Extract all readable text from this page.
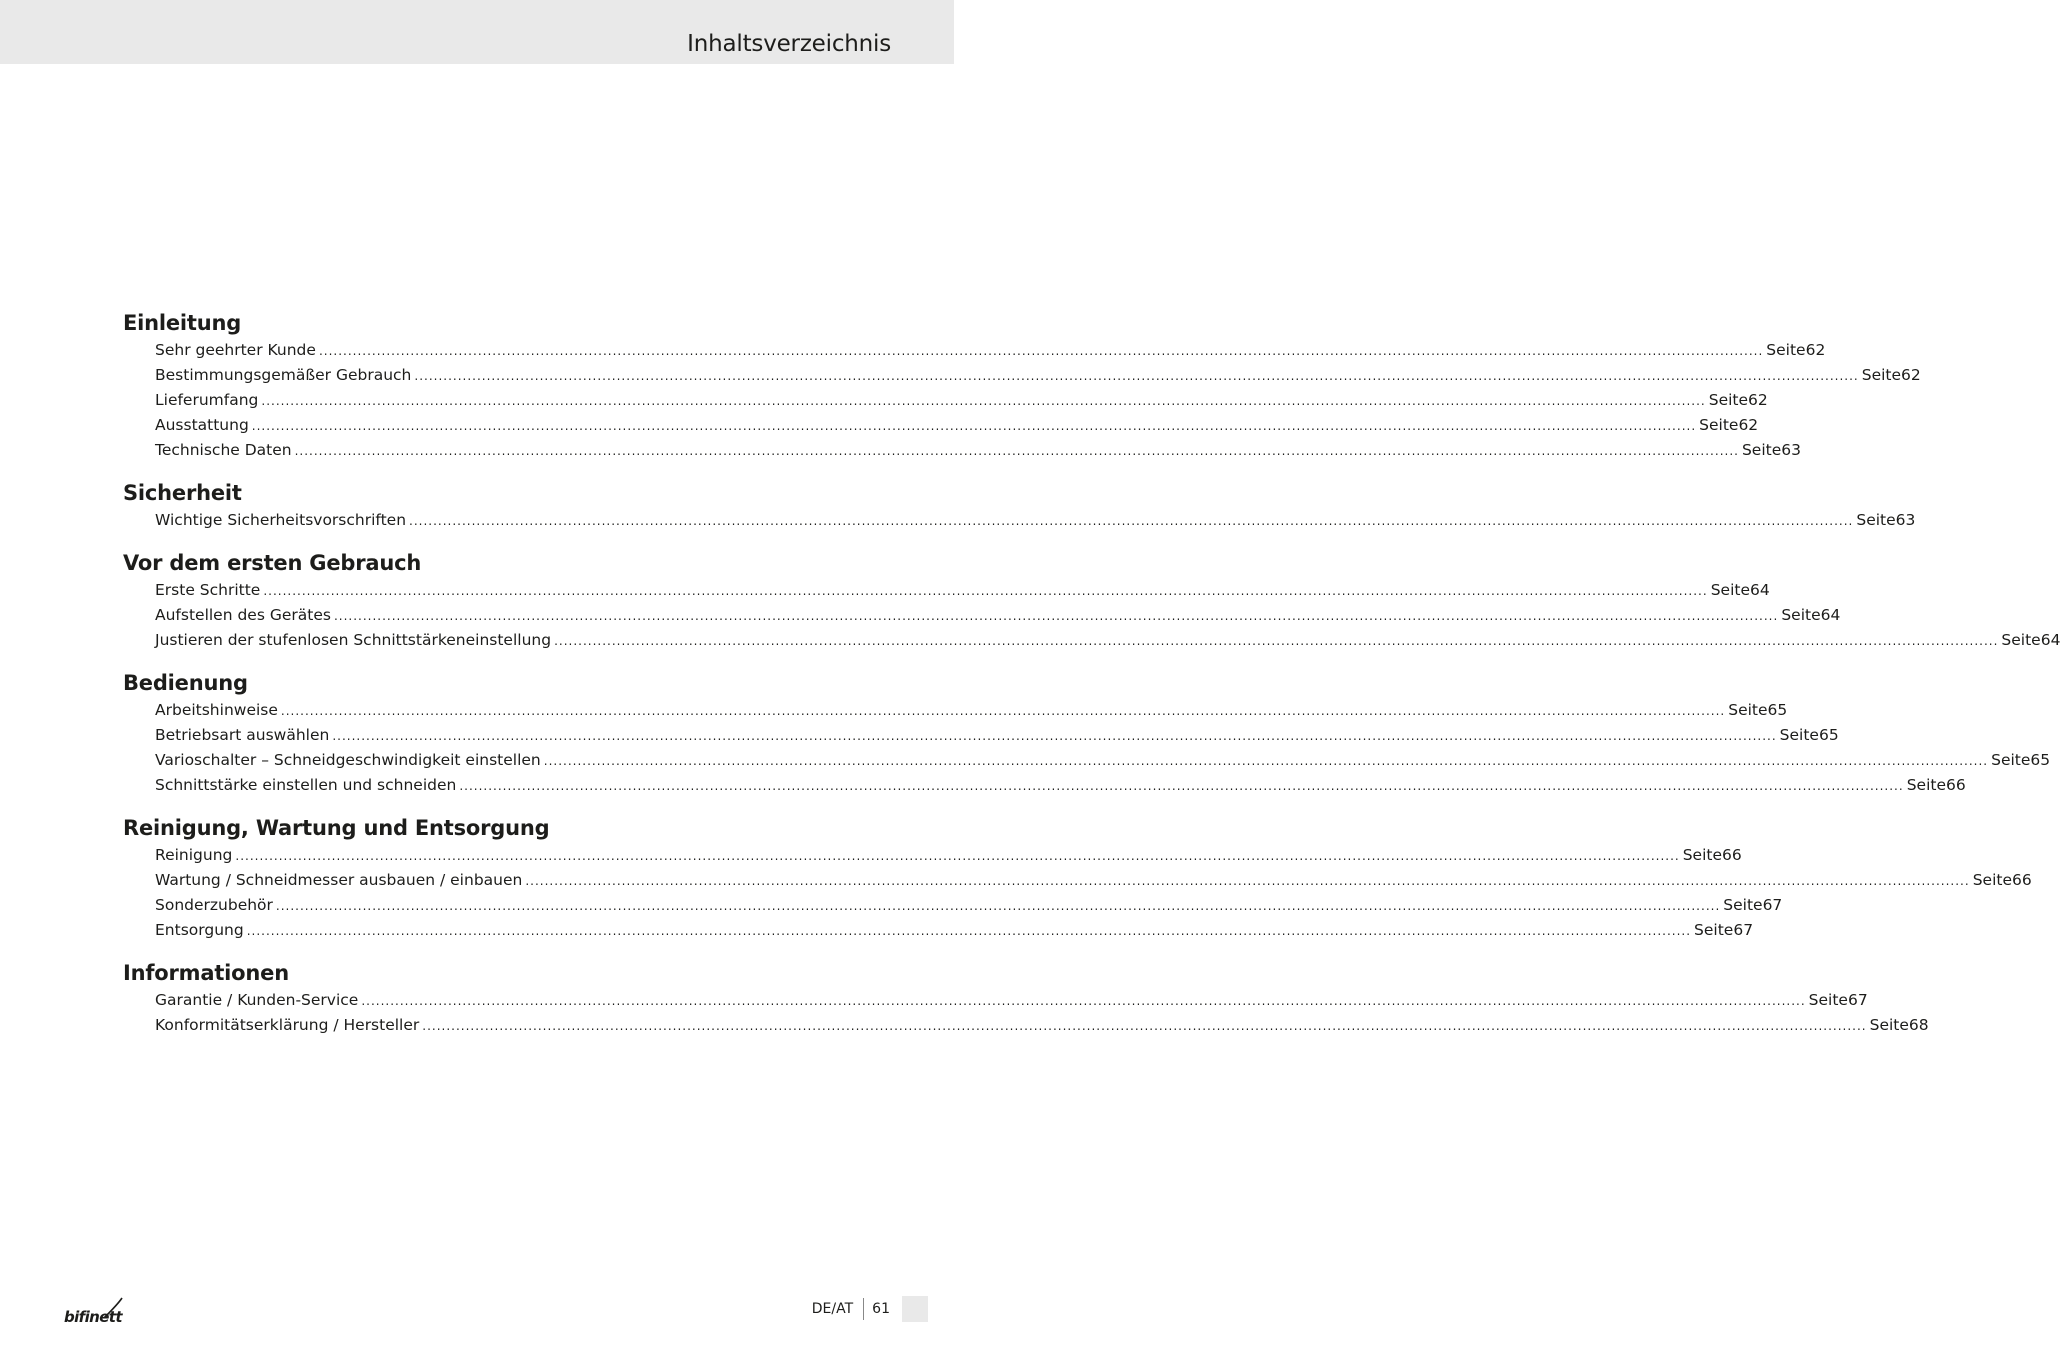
Inhaltsverzeichnis
Einleitung
Sehr geehrter Kunde ............................................................................................................................................................................................................................................................................................................ Seite 62
Bestimmungsgemäßer Gebrauch ............................................................................................................................................................................................................................................................................................................ Seite 62
Lieferumfang ............................................................................................................................................................................................................................................................................................................ Seite 62
Ausstattung ............................................................................................................................................................................................................................................................................................................ Seite 62
Technische Daten ............................................................................................................................................................................................................................................................................................................ Seite 63
Sicherheit
Wichtige Sicherheitsvorschriften ............................................................................................................................................................................................................................................................................................................ Seite 63
Vor dem ersten Gebrauch
Erste Schritte ............................................................................................................................................................................................................................................................................................................ Seite 64
Aufstellen des Gerätes ............................................................................................................................................................................................................................................................................................................ Seite 64
Justieren der stufenlosen Schnittstärkeneinstellung ............................................................................................................................................................................................................................................................................................................ Seite 64
Bedienung
Arbeitshinweise ............................................................................................................................................................................................................................................................................................................ Seite 65
Betriebsart auswählen ............................................................................................................................................................................................................................................................................................................ Seite 65
Varioschalter – Schneidgeschwindigkeit einstellen ............................................................................................................................................................................................................................................................................................................ Seite 65
Schnittstärke einstellen und schneiden ............................................................................................................................................................................................................................................................................................................ Seite 66
Reinigung, Wartung und Entsorgung
Reinigung ............................................................................................................................................................................................................................................................................................................ Seite 66
Wartung / Schneidmesser ausbauen / einbauen ............................................................................................................................................................................................................................................................................................................ Seite 66
Sonderzubehör ............................................................................................................................................................................................................................................................................................................ Seite 67
Entsorgung ............................................................................................................................................................................................................................................................................................................ Seite 67
Informationen
Garantie / Kunden-Service ............................................................................................................................................................................................................................................................................................................ Seite 67
Konformitätserklärung / Hersteller ............................................................................................................................................................................................................................................................................................................ Seite 68
bifinett	DE/AT	61
